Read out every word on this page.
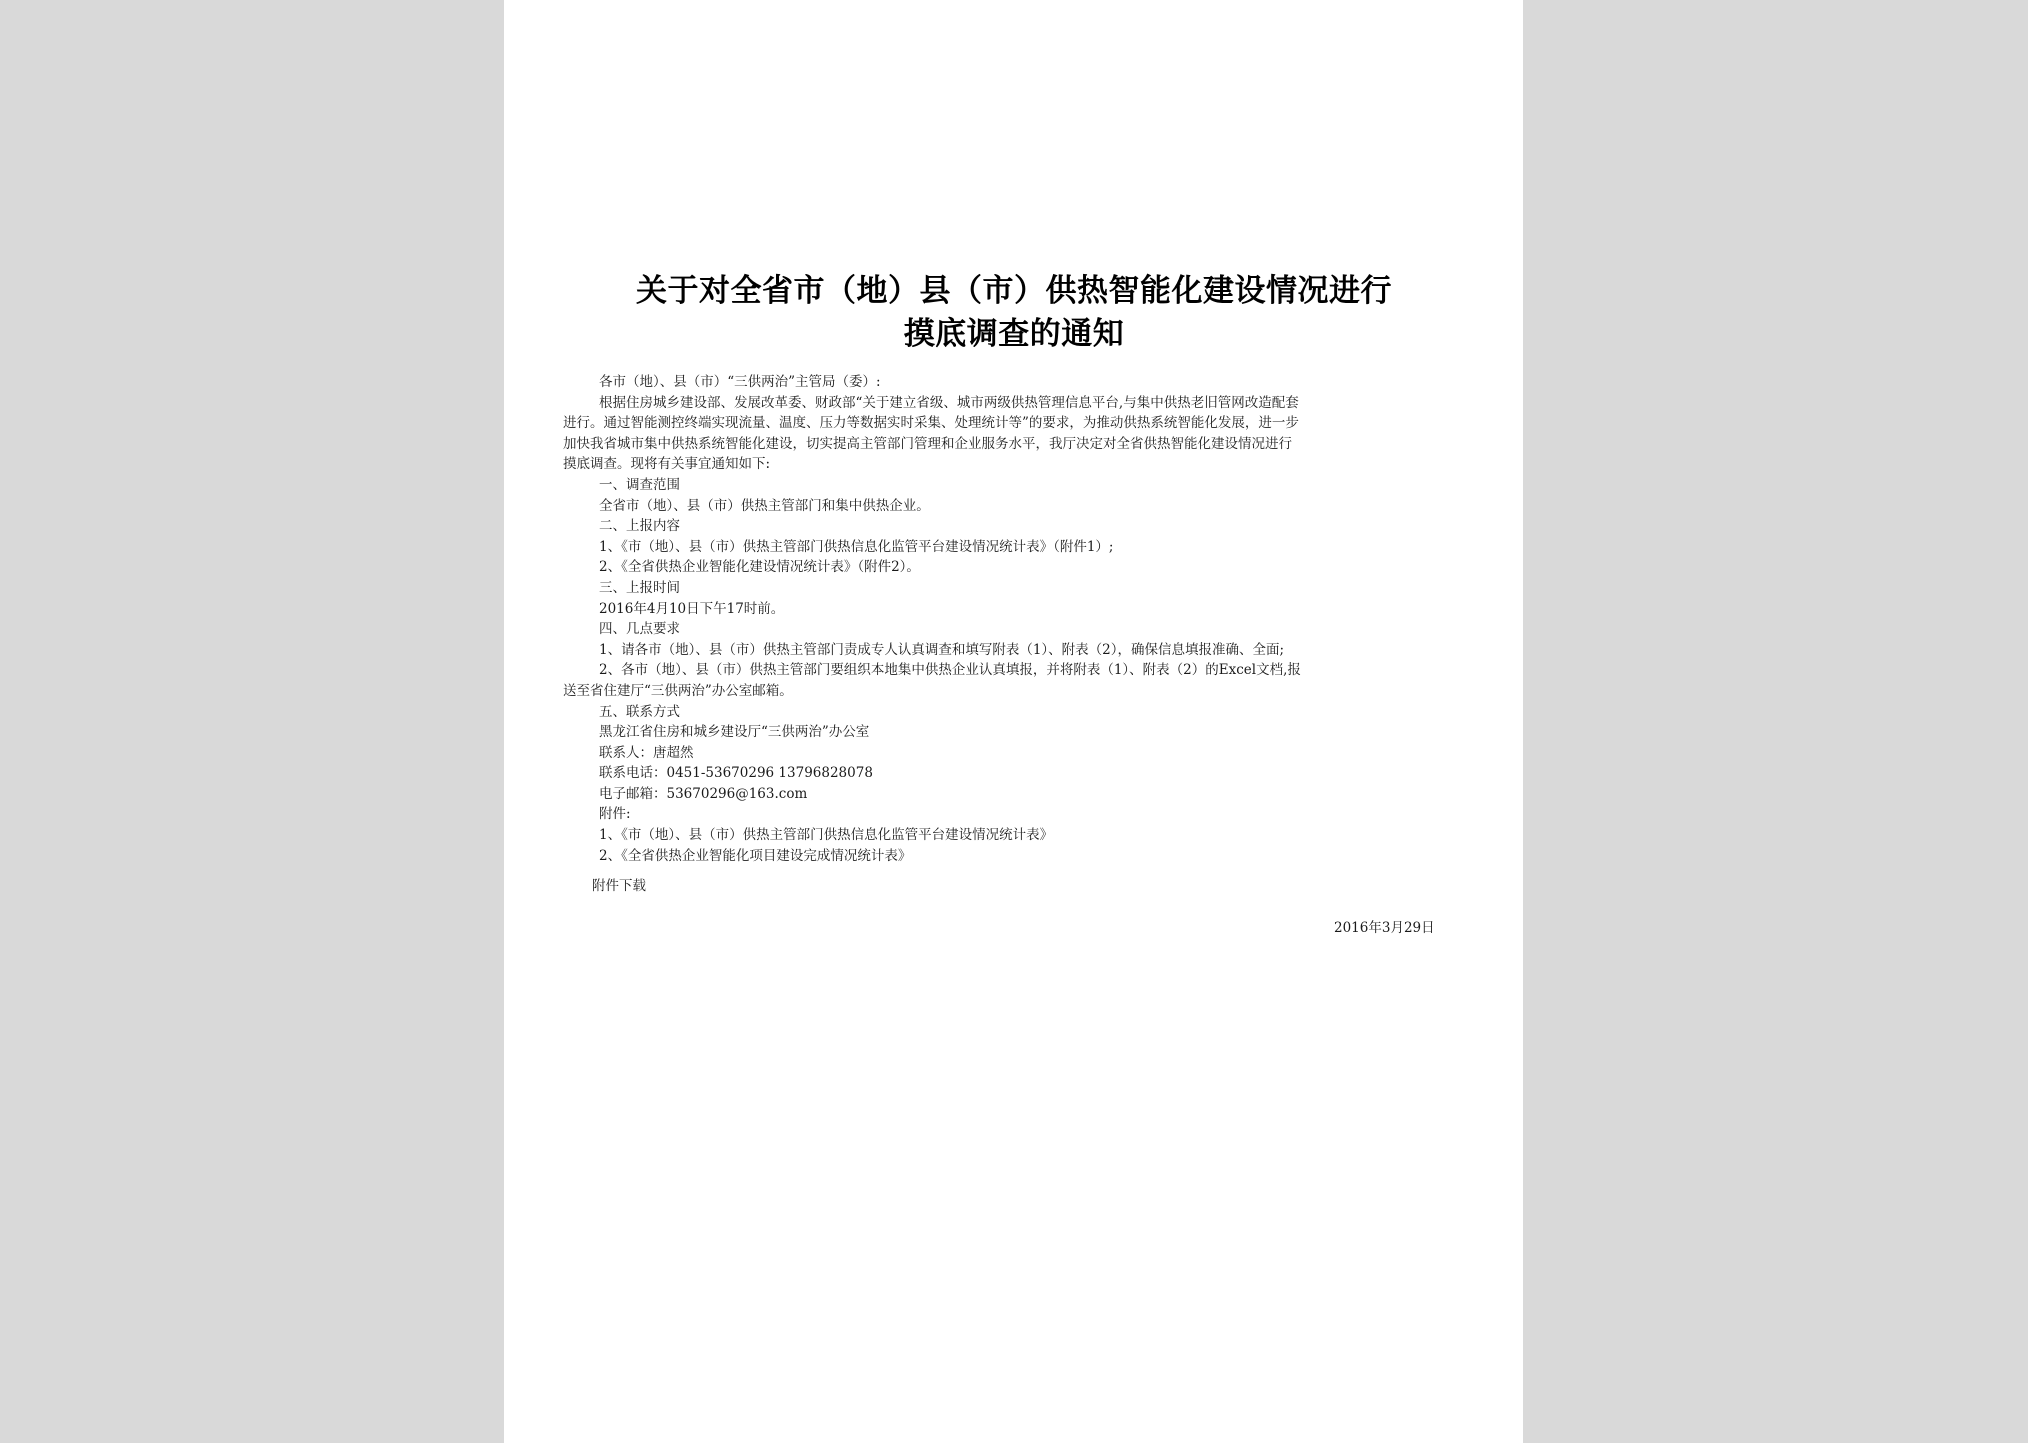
关于对全省市（地）县（市）供热智能化建设情况进行
摸底调查的通知
各市（地）、县（市）“三供两治”主管局（委）:
根据住房城乡建设部、发展改革委、财政部“关于建立省级、城市两级供热管理信息平台,与集中供热老旧管网改造配套
进行。通过智能测控终端实现流量、温度、压力等数据实时采集、处理统计等”的要求，为推动供热系统智能化发展，进一步
加快我省城市集中供热系统智能化建设，切实提高主管部门管理和企业服务水平，我厅决定对全省供热智能化建设情况进行
摸底调查。现将有关事宜通知如下:
一、调查范围
全省市（地）、县（市）供热主管部门和集中供热企业。
二、上报内容
1、《市（地）、县（市）供热主管部门供热信息化监管平台建设情况统计表》（附件1）;
2、《全省供热企业智能化建设情况统计表》（附件2）。
三、上报时间
2016年4月10日下午17时前。
四、几点要求
1、请各市（地）、县（市）供热主管部门责成专人认真调查和填写附表（1）、附表（2），确保信息填报准确、全面;
2、各市（地）、县（市）供热主管部门要组织本地集中供热企业认真填报，并将附表（1）、附表（2）的Excel文档,报
送至省住建厅“三供两治”办公室邮箱。
五、联系方式
黑龙江省住房和城乡建设厅“三供两治”办公室
联系人：唐超然
联系电话：0451-53670296 13796828078
电子邮箱：53670296@163.com
附件:
1、《市（地）、县（市）供热主管部门供热信息化监管平台建设情况统计表》
2、《全省供热企业智能化项目建设完成情况统计表》
附件下载
2016年3月29日
